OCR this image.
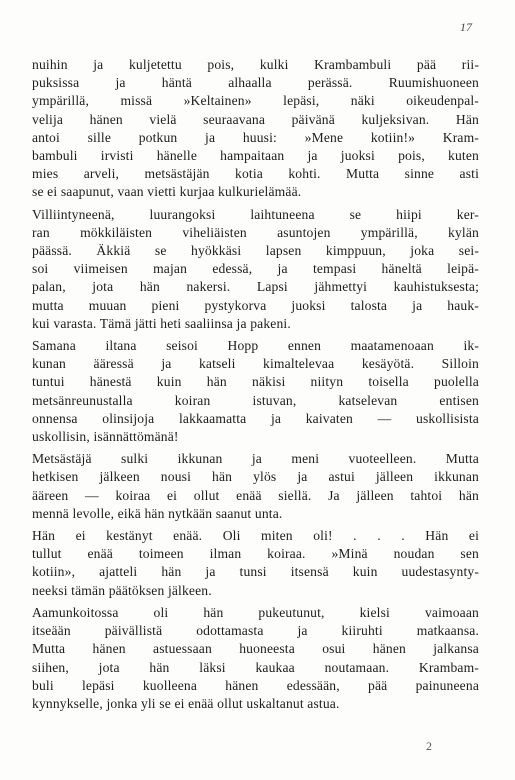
17

nuihin ja kuljetettu pois, kulki Krambambuli pää rii-
puksissa ja häntä alhaalla perässä. Ruumishuoneen
ympärillä, missä »Keltainen» lepäsi, näki oikeudenpal-
velija hänen vielä seuraavana päivänä kuljeksivan. Hän
antoi sille potkun ja huusi: »Mene kotiin!» Kram-
bambuli irvisti hänelle hampaitaan ja juoksi pois, kuten
mies arveli, metsästäjän kotia kohti. Mutta sinne asti
se ei saapunut, vaan vietti kurjaa kulkurielämää.

Villiintyneenä, luurangoksi laihtuneena se hiipi ker-
ran mökkiläisten viheliäisten asuntojen ympärillä, kylän
päässä. Äkkiä se hyökkäsi lapsen kimppuun, joka sei-
soi viimeisen majan edessä, ja tempasi häneltä leipä-
palan, jota hän nakersi. Lapsi jähmettyi kauhistuksesta;
mutta muuan pieni pystykorva juoksi talosta ja hauk-
kui varasta. Tämä jätti heti saaliinsa ja pakeni.

Samana iltana seisoi Hopp ennen maatamenoaan ik-
kunan ääressä ja katseli kimaltelevaa kesäyötä. Silloin
tuntui hänestä kuin hän näkisi niityn toisella puolella
metsänreunustalla koiran istuvan, katselevan entisen
onnensa olinsijoja lakkaamatta ja kaivaten — uskollisista
uskollisin, isännättömänä!

Metsästäjä sulki ikkunan ja meni vuoteelleen. Mutta
hetkisen jälkeen nousi hän ylös ja astui jälleen ikkunan
ääreen — koiraa ei ollut enää siellä. Ja jälleen tahtoi hän
mennä levolle, eikä hän nytkään saanut unta.

Hän ei kestänyt enää. Oli miten oli! . . . Hän ei
tullut enää toimeen ilman koiraa. »Minä noudan sen
kotiin», ajatteli hän ja tunsi itsensä kuin uudestasynty-
neeksi tämän päätöksen jälkeen.

Aamunkoitossa oli hän pukeutunut, kielsi vaimoaan
itseään päivällistä odottamasta ja kiiruhti matkaansa.
Mutta hänen astuessaan huoneesta osui hänen jalkansa
siihen, jota hän läksi kaukaa noutamaan. Krambam-
buli lepäsi kuolleena hänen edessään, pää painuneena
kynnykselle, jonka yli se ei enää ollut uskaltanut astua.

2
